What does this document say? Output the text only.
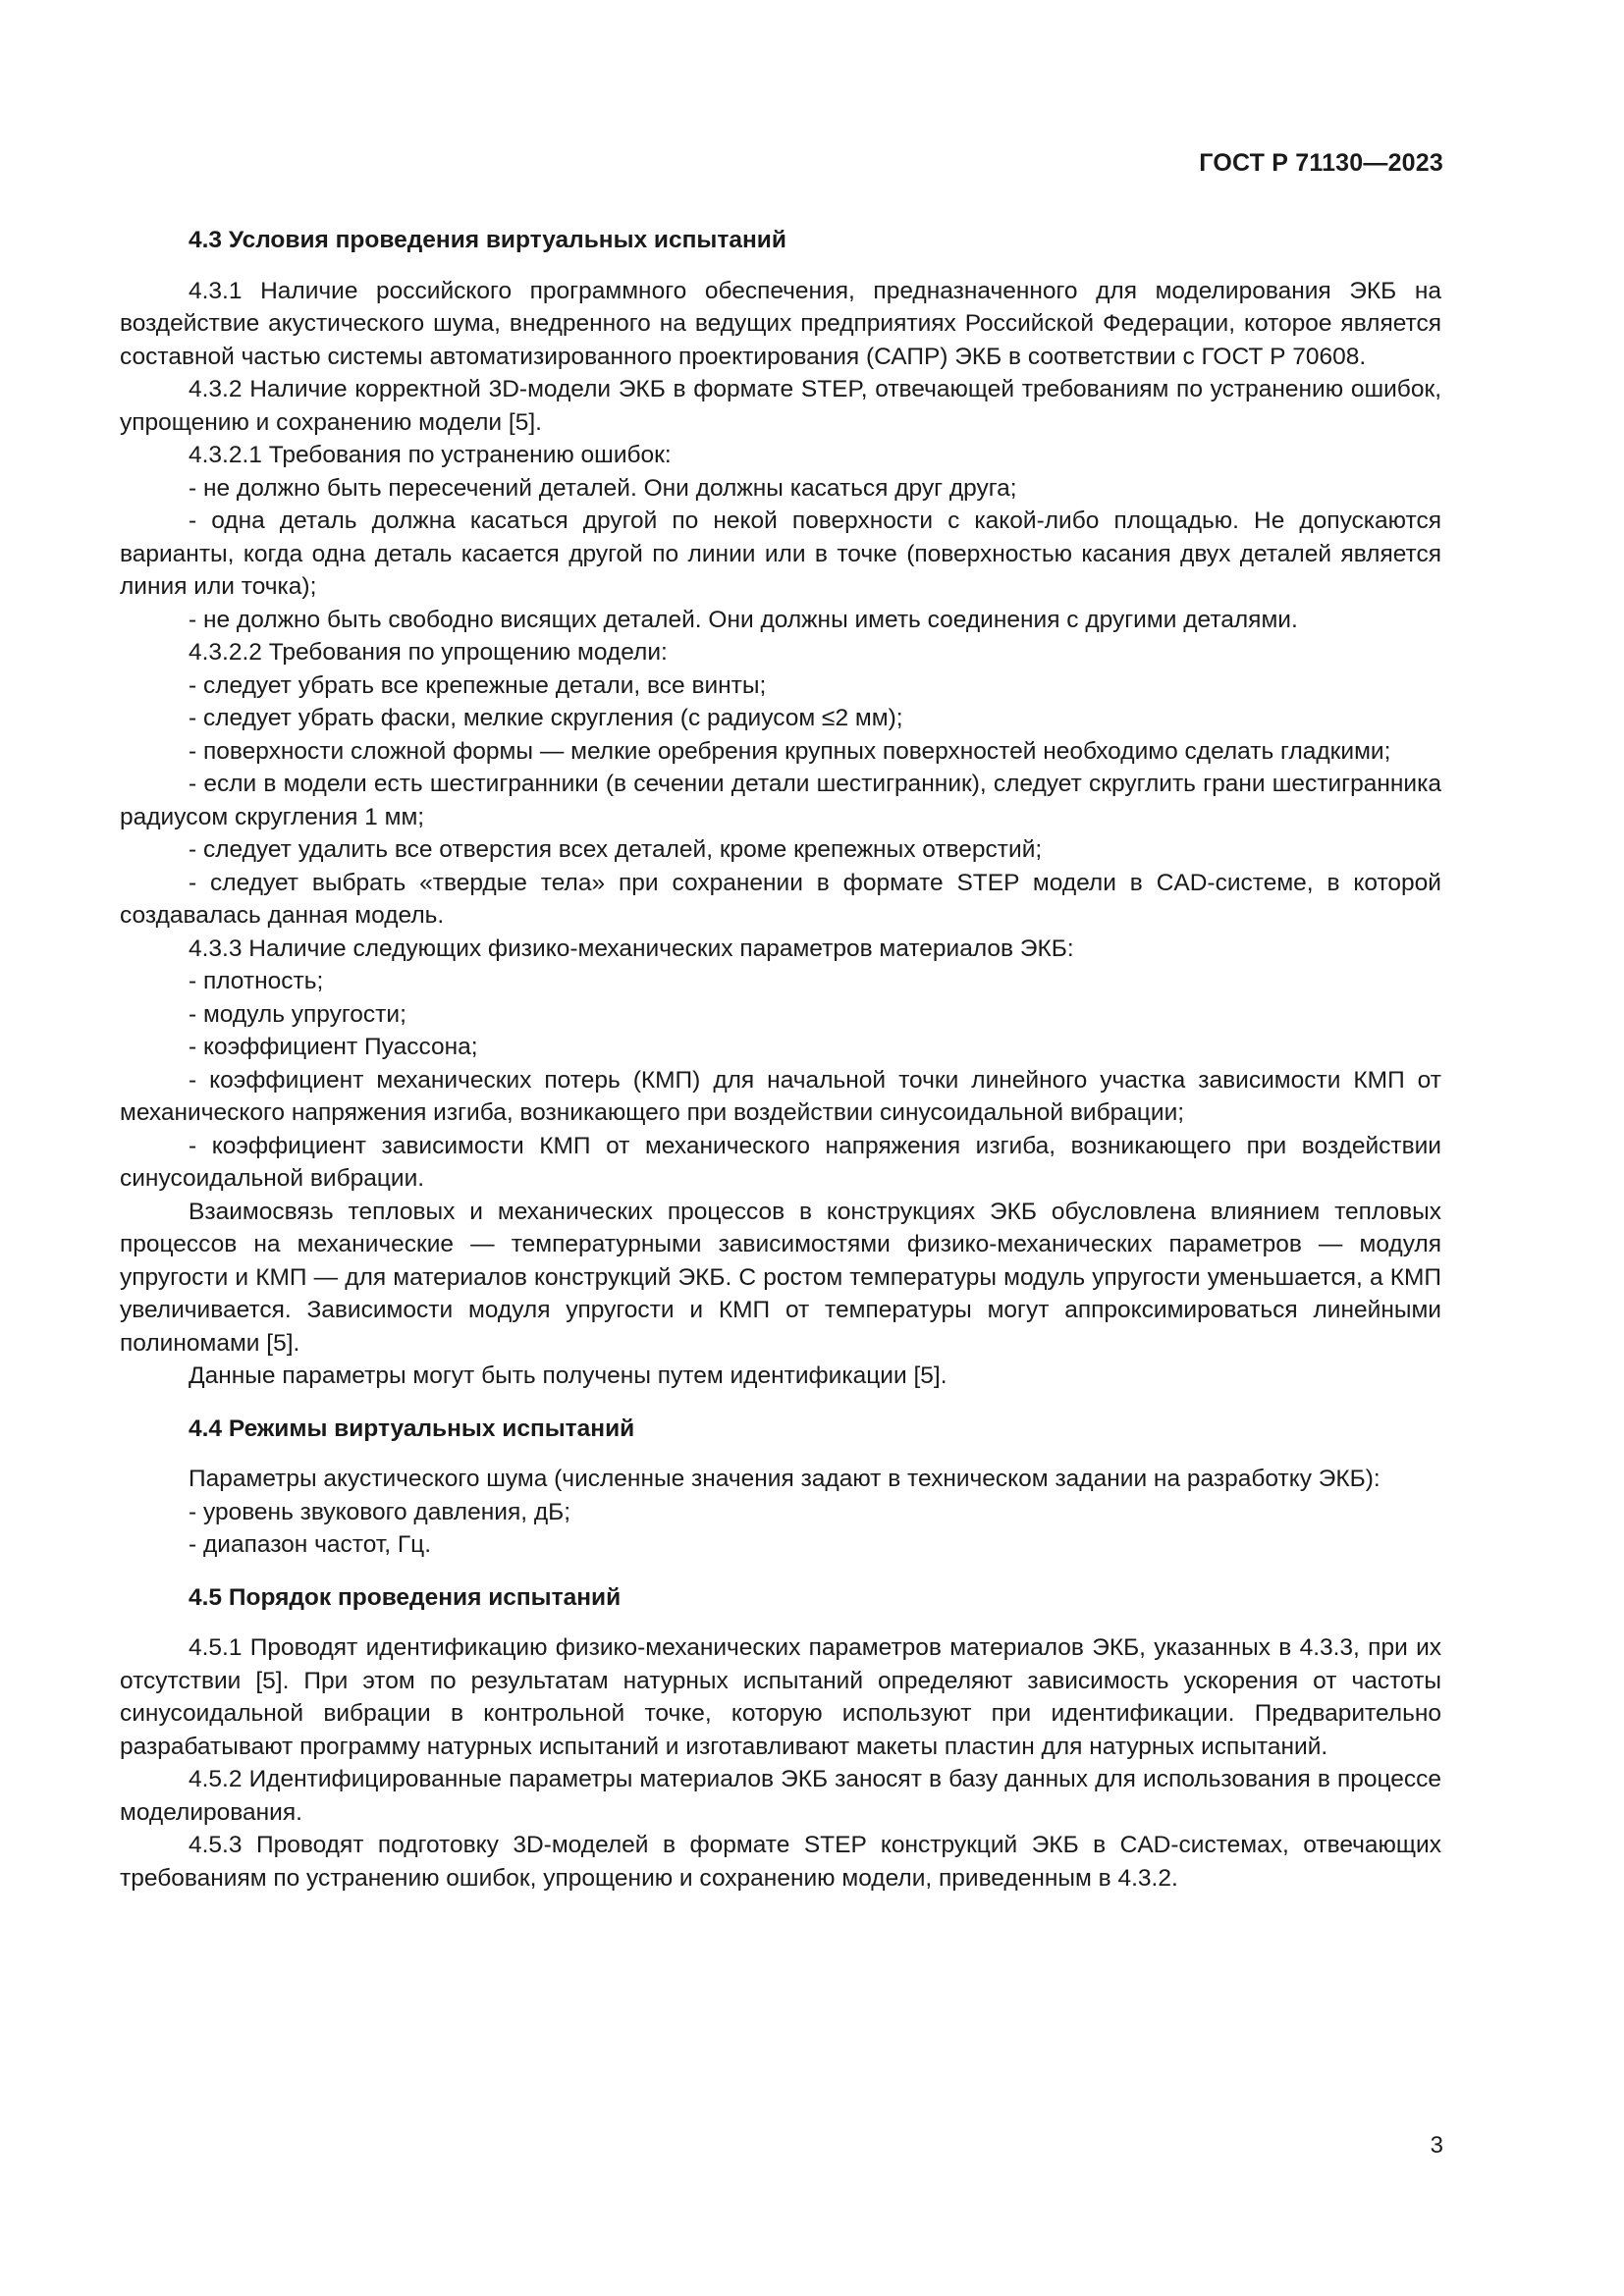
ГОСТ Р 71130—2023
4.3 Условия проведения виртуальных испытаний

4.3.1 Наличие российского программного обеспечения, предназначенного для моделирования ЭКБ на воздействие акустического шума, внедренного на ведущих предприятиях Российской Федерации, которое является составной частью системы автоматизированного проектирования (САПР) ЭКБ в соответствии с ГОСТ Р 70608.

4.3.2 Наличие корректной 3D-модели ЭКБ в формате STEP, отвечающей требованиям по устранению ошибок, упрощению и сохранению модели [5].

4.3.2.1 Требования по устранению ошибок:

- не должно быть пересечений деталей. Они должны касаться друг друга;

- одна деталь должна касаться другой по некой поверхности с какой-либо площадью. Не допускаются варианты, когда одна деталь касается другой по линии или в точке (поверхностью касания двух деталей является линия или точка);

- не должно быть свободно висящих деталей. Они должны иметь соединения с другими деталями.

4.3.2.2 Требования по упрощению модели:

- следует убрать все крепежные детали, все винты;

- следует убрать фаски, мелкие скругления (с радиусом ≤2 мм);

- поверхности сложной формы — мелкие оребрения крупных поверхностей необходимо сделать гладкими;

- если в модели есть шестигранники (в сечении детали шестигранник), следует скруглить грани шестигранника радиусом скругления 1 мм;

- следует удалить все отверстия всех деталей, кроме крепежных отверстий;

- следует выбрать «твердые тела» при сохранении в формате STEP модели в CAD-системе, в которой создавалась данная модель.

4.3.3 Наличие следующих физико-механических параметров материалов ЭКБ:

- плотность;

- модуль упругости;

- коэффициент Пуассона;

- коэффициент механических потерь (КМП) для начальной точки линейного участка зависимости КМП от механического напряжения изгиба, возникающего при воздействии синусоидальной вибрации;

- коэффициент зависимости КМП от механического напряжения изгиба, возникающего при воздействии синусоидальной вибрации.

Взаимосвязь тепловых и механических процессов в конструкциях ЭКБ обусловлена влиянием тепловых процессов на механические — температурными зависимостями физико-механических параметров — модуля упругости и КМП — для материалов конструкций ЭКБ. С ростом температуры модуль упругости уменьшается, а КМП увеличивается. Зависимости модуля упругости и КМП от температуры могут аппроксимироваться линейными полиномами [5].

Данные параметры могут быть получены путем идентификации [5].

4.4 Режимы виртуальных испытаний

Параметры акустического шума (численные значения задают в техническом задании на разработку ЭКБ):

- уровень звукового давления, дБ;

- диапазон частот, Гц.

4.5 Порядок проведения испытаний

4.5.1 Проводят идентификацию физико-механических параметров материалов ЭКБ, указанных в 4.3.3, при их отсутствии [5]. При этом по результатам натурных испытаний определяют зависимость ускорения от частоты синусоидальной вибрации в контрольной точке, которую используют при идентификации. Предварительно разрабатывают программу натурных испытаний и изготавливают макеты пластин для натурных испытаний.

4.5.2 Идентифицированные параметры материалов ЭКБ заносят в базу данных для использования в процессе моделирования.

4.5.3 Проводят подготовку 3D-моделей в формате STEP конструкций ЭКБ в CAD-системах, отвечающих требованиям по устранению ошибок, упрощению и сохранению модели, приведенным в 4.3.2.

3
